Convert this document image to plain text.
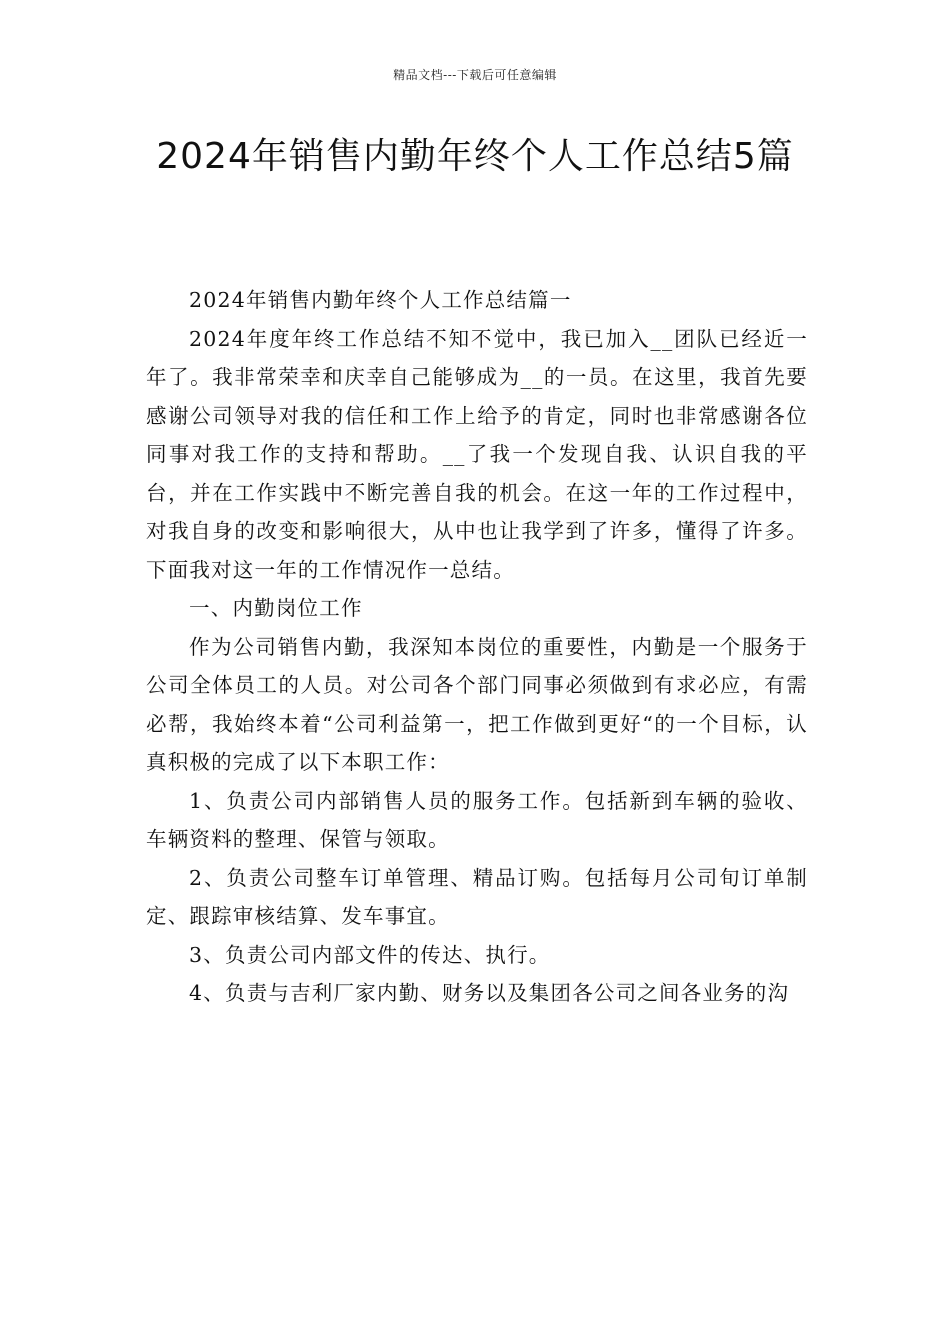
精品文档---下载后可任意编辑
2024年销售内勤年终个人工作总结5篇

2024年销售内勤年终个人工作总结篇一

2024年度年终工作总结不知不觉中，我已加入__团队已经近一年了。我非常荣幸和庆幸自己能够成为__的一员。在这里，我首先要感谢公司领导对我的信任和工作上给予的肯定，同时也非常感谢各位同事对我工作的支持和帮助。__了我一个发现自我、认识自我的平台，并在工作实践中不断完善自我的机会。在这一年的工作过程中，对我自身的改变和影响很大，从中也让我学到了许多，懂得了许多。下面我对这一年的工作情况作一总结。

一、内勤岗位工作

作为公司销售内勤，我深知本岗位的重要性，内勤是一个服务于公司全体员工的人员。对公司各个部门同事必须做到有求必应，有需必帮，我始终本着“公司利益第一，把工作做到更好“的一个目标，认真积极的完成了以下本职工作：

1、负责公司内部销售人员的服务工作。包括新到车辆的验收、车辆资料的整理、保管与领取。

2、负责公司整车订单管理、精品订购。包括每月公司旬订单制定、跟踪审核结算、发车事宜。

3、负责公司内部文件的传达、执行。

4、负责与吉利厂家内勤、财务以及集团各公司之间各业务的沟
